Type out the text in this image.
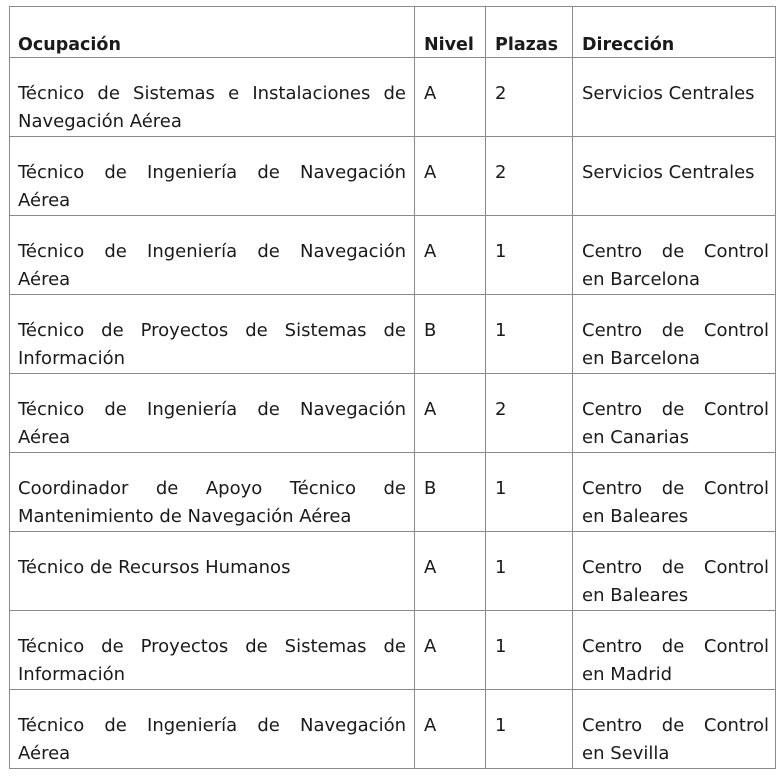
Ocupación	Nivel	Plazas	Dirección
Técnico de Sistemas e Instalaciones de Navegación Aérea	A	2	Servicios Centrales
Técnico de Ingeniería de Navegación Aérea	A	2	Servicios Centrales
Técnico de Ingeniería de Navegación Aérea	A	1	Centro de Control en Barcelona
Técnico de Proyectos de Sistemas de Información	B	1	Centro de Control en Barcelona
Técnico de Ingeniería de Navegación Aérea	A	2	Centro de Control en Canarias
Coordinador de Apoyo Técnico de Mantenimiento de Navegación Aérea	B	1	Centro de Control en Baleares
Técnico de Recursos Humanos	A	1	Centro de Control en Baleares
Técnico de Proyectos de Sistemas de Información	A	1	Centro de Control en Madrid
Técnico de Ingeniería de Navegación Aérea	A	1	Centro de Control en Sevilla
